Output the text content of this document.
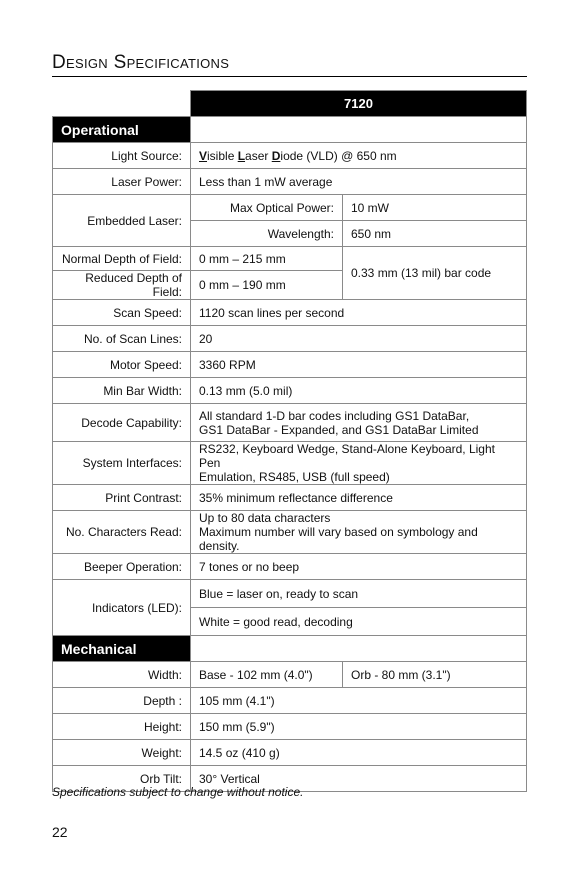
Design Specifications
	7120	
Operational		
Light Source:	Visible Laser Diode (VLD) @ 650 nm	
Laser Power:	Less than 1 mW average	
Embedded Laser:	Max Optical Power:	10 mW
	Wavelength:	650 nm
Normal Depth of Field:	0 mm – 215 mm	0.33 mm (13 mil) bar code
Reduced Depth of Field:	0 mm – 190 mm	
Scan Speed:	1120 scan lines per second	
No. of Scan Lines:	20	
Motor Speed:	3360 RPM	
Min Bar Width:	0.13 mm (5.0 mil)	
Decode Capability:	All standard 1-D bar codes including GS1 DataBar,
GS1 DataBar - Expanded, and GS1 DataBar Limited	

System Interfaces:	RS232, Keyboard Wedge, Stand-Alone Keyboard, Light Pen
Emulation, RS485, USB (full speed)	

Print Contrast:	35% minimum reflectance difference	
No. Characters Read:	Up to 80 data characters
Maximum number will vary based on symbology and density.	

Beeper Operation:	7 tones or no beep	
Indicators (LED):	Blue = laser on, ready to scan	
	White = good read, decoding	
Mechanical		
Width:	Base - 102 mm (4.0")	Orb - 80 mm (3.1")
Depth :	105 mm (4.1")	
Height:	150 mm (5.9")	
Weight:	14.5 oz (410 g)	
Orb Tilt:	30° Vertical	
Specifications subject to change without notice.
22
